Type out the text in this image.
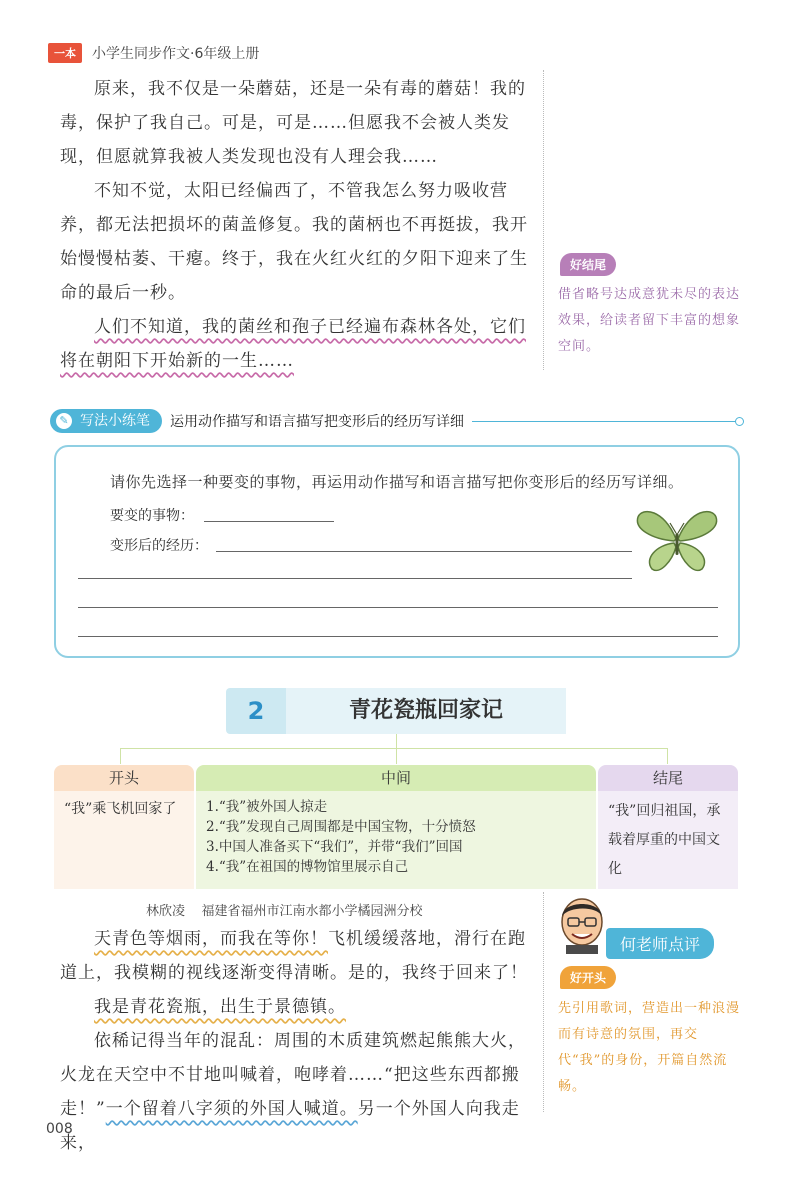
一本	小学生同步作文·6年级上册

原来，我不仅是一朵蘑菇，还是一朵有毒的蘑菇！我的毒，保护了我自己。可是，可是……但愿我不会被人类发现，但愿就算我被人类发现也没有人理会我……

不知不觉，太阳已经偏西了，不管我怎么努力吸收营养，都无法把损坏的菌盖修复。我的菌柄也不再挺拔，我开始慢慢枯萎、干瘪。终于，我在火红火红的夕阳下迎来了生命的最后一秒。

人们不知道，我的菌丝和孢子已经遍布森林各处，它们将在朝阳下开始新的一生……

好结尾
借省略号达成意犹未尽的表达效果，给读者留下丰富的想象空间。
✎ 写法小练笔	运用动作描写和语言描写把变形后的经历写详细
请你先选择一种要变的事物，再运用动作描写和语言描写把你变形后的经历写详细。
要变的事物：
变形后的经历：
2	青花瓷瓶回家记
开头
“我”乘飞机回家了
中间
1.“我”被外国人掠走
2.“我”发现自己周围都是中国宝物，十分愤怒
3.中国人准备买下“我们”，并带“我们”回国
4.“我”在祖国的博物馆里展示自己
结尾
“我”回归祖国，承载着厚重的中国文化
林欣凌 福建省福州市江南水都小学橘园洲分校

天青色等烟雨，而我在等你！飞机缓缓落地，滑行在跑道上，我模糊的视线逐渐变得清晰。是的，我终于回来了！

我是青花瓷瓶，出生于景德镇。

依稀记得当年的混乱：周围的木质建筑燃起熊熊大火，火龙在天空中不甘地叫喊着，咆哮着……“把这些东西都搬走！”一个留着八字须的外国人喊道。另一个外国人向我走来，

何老师点评
好开头
先引用歌词，营造出一种浪漫而有诗意的氛围，再交代“我”的身份，开篇自然流畅。
008
